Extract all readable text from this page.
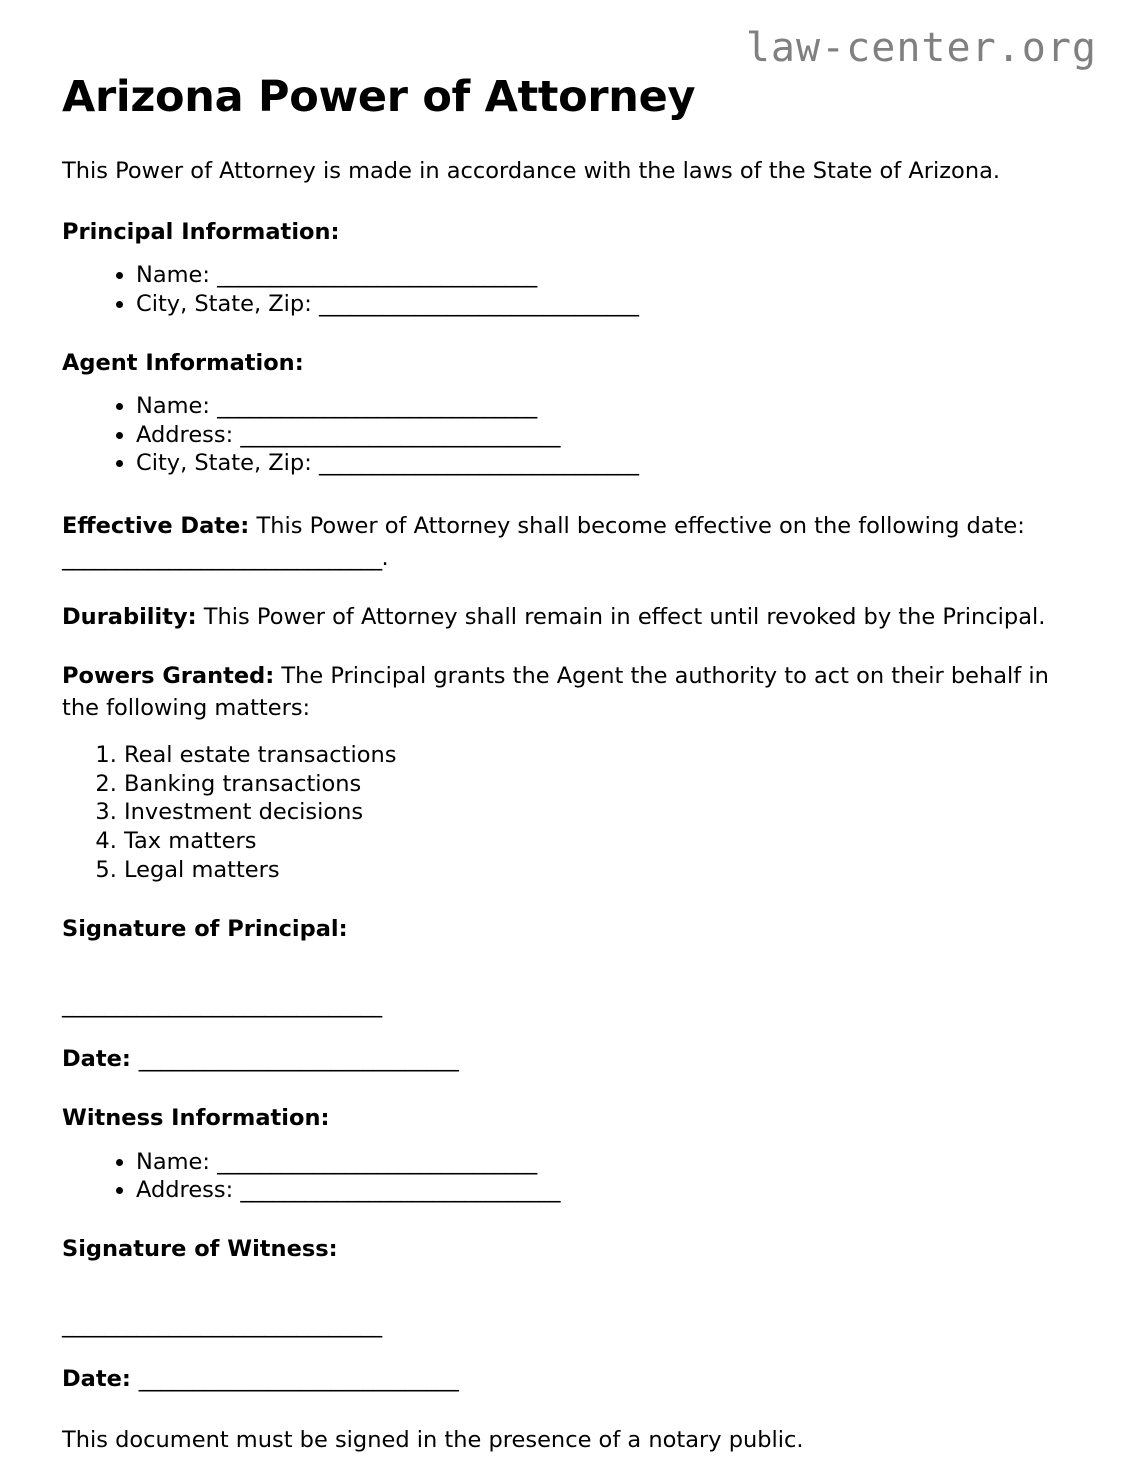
law-center.org
Arizona Power of Attorney

This Power of Attorney is made in accordance with the laws of the State of Arizona.

Principal Information:
• Name: ______________________________
• City, State, Zip: ______________________________
Agent Information:
• Name: ______________________________
• Address: ______________________________
• City, State, Zip: ______________________________

Effective Date: This Power of Attorney shall become effective on the following date: ______________________________.

Durability: This Power of Attorney shall remain in effect until revoked by the Principal.

Powers Granted: The Principal grants the Agent the authority to act on their behalf in the following matters:

1. Real estate transactions
2. Banking transactions
3. Investment decisions
4. Tax matters
5. Legal matters
Signature of Principal:

______________________________

Date: ______________________________

Witness Information:
• Name: ______________________________
• Address: ______________________________
Signature of Witness:

______________________________

Date: ______________________________

This document must be signed in the presence of a notary public.
